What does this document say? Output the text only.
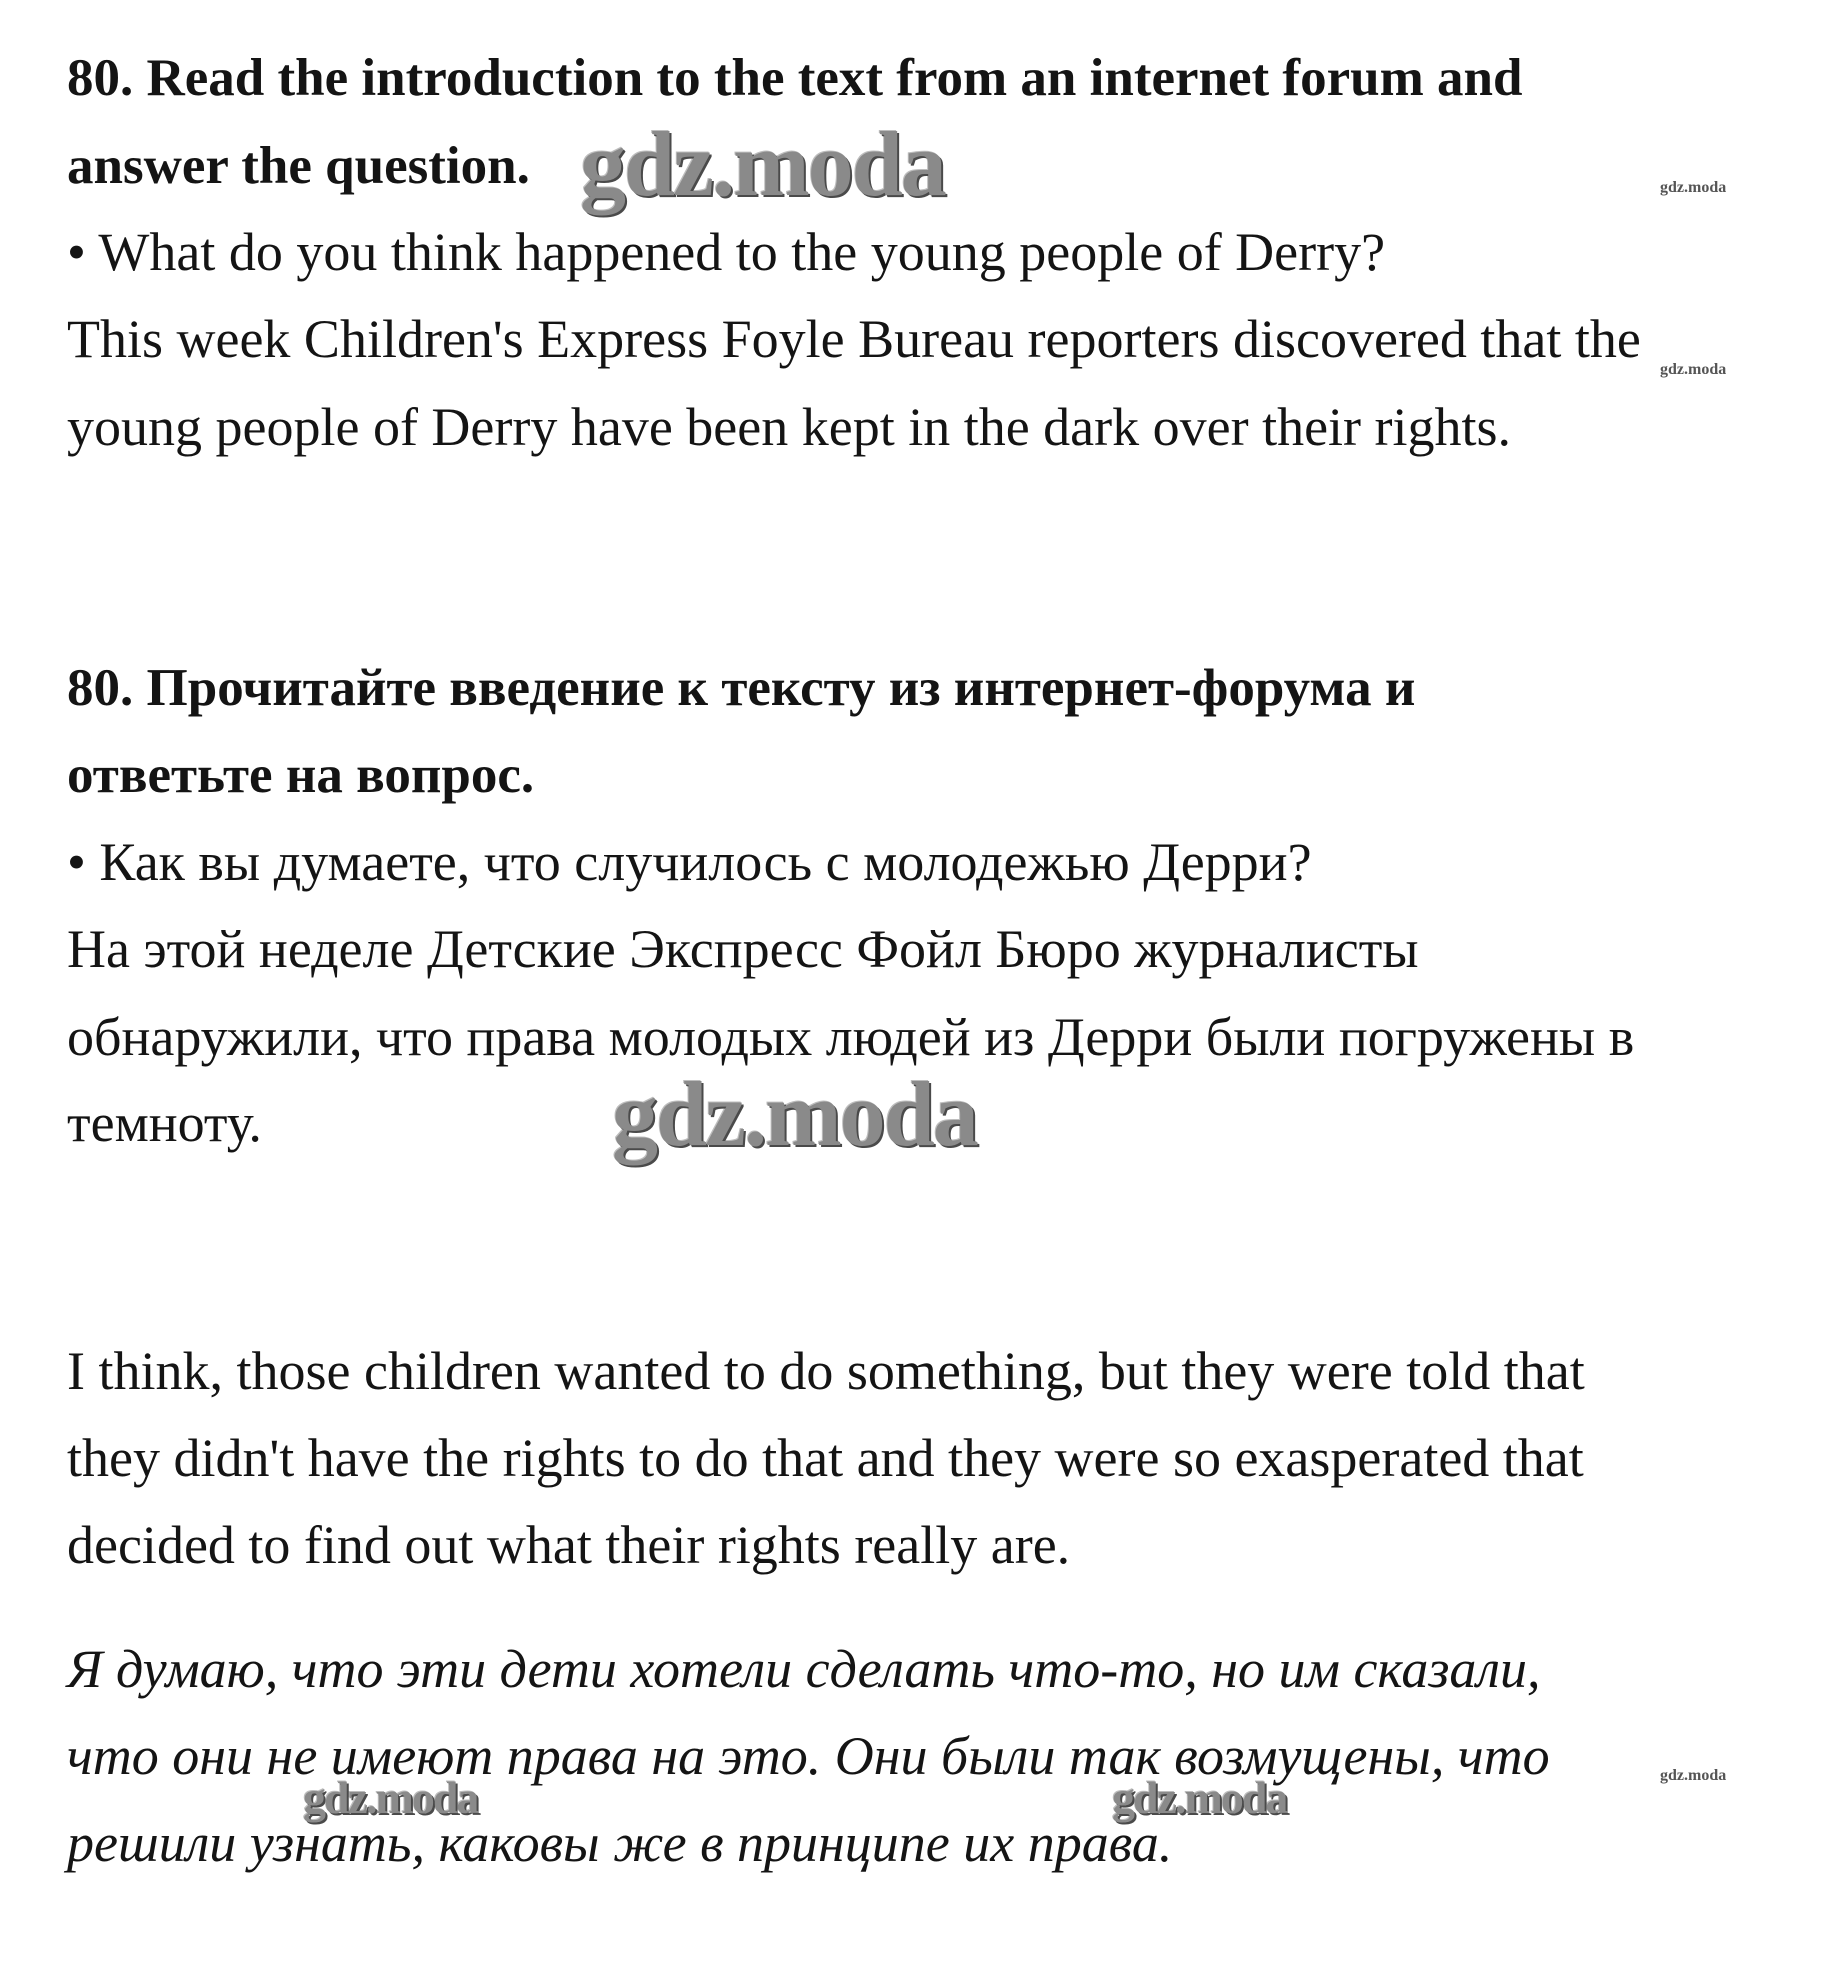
80. Read the introduction to the text from an internet forum and
answer the question.
• What do you think happened to the young people of Derry?
This week Children's Express Foyle Bureau reporters discovered that the
young people of Derry have been kept in the dark over their rights.
80. Прочитайте введение к тексту из интернет-форума и
ответьте на вопрос.
• Как вы думаете, что случилось с молодежью Дерри?
На этой неделе Детские Экспресс Фойл Бюро журналисты
обнаружили, что права молодых людей из Дерри были погружены в
темноту.
I think, those children wanted to do something, but they were told that
they didn't have the rights to do that and they were so exasperated that
decided to find out what their rights really are.
Я думаю, что эти дети хотели сделать что-то, но им сказали,
что они не имеют права на это. Они были так возмущены, что
решили узнать, каковы же в принципе их права.
gdz.moda
gdz.moda
gdz.moda	gdz.moda
gdz.moda
gdz.moda
gdz.moda
